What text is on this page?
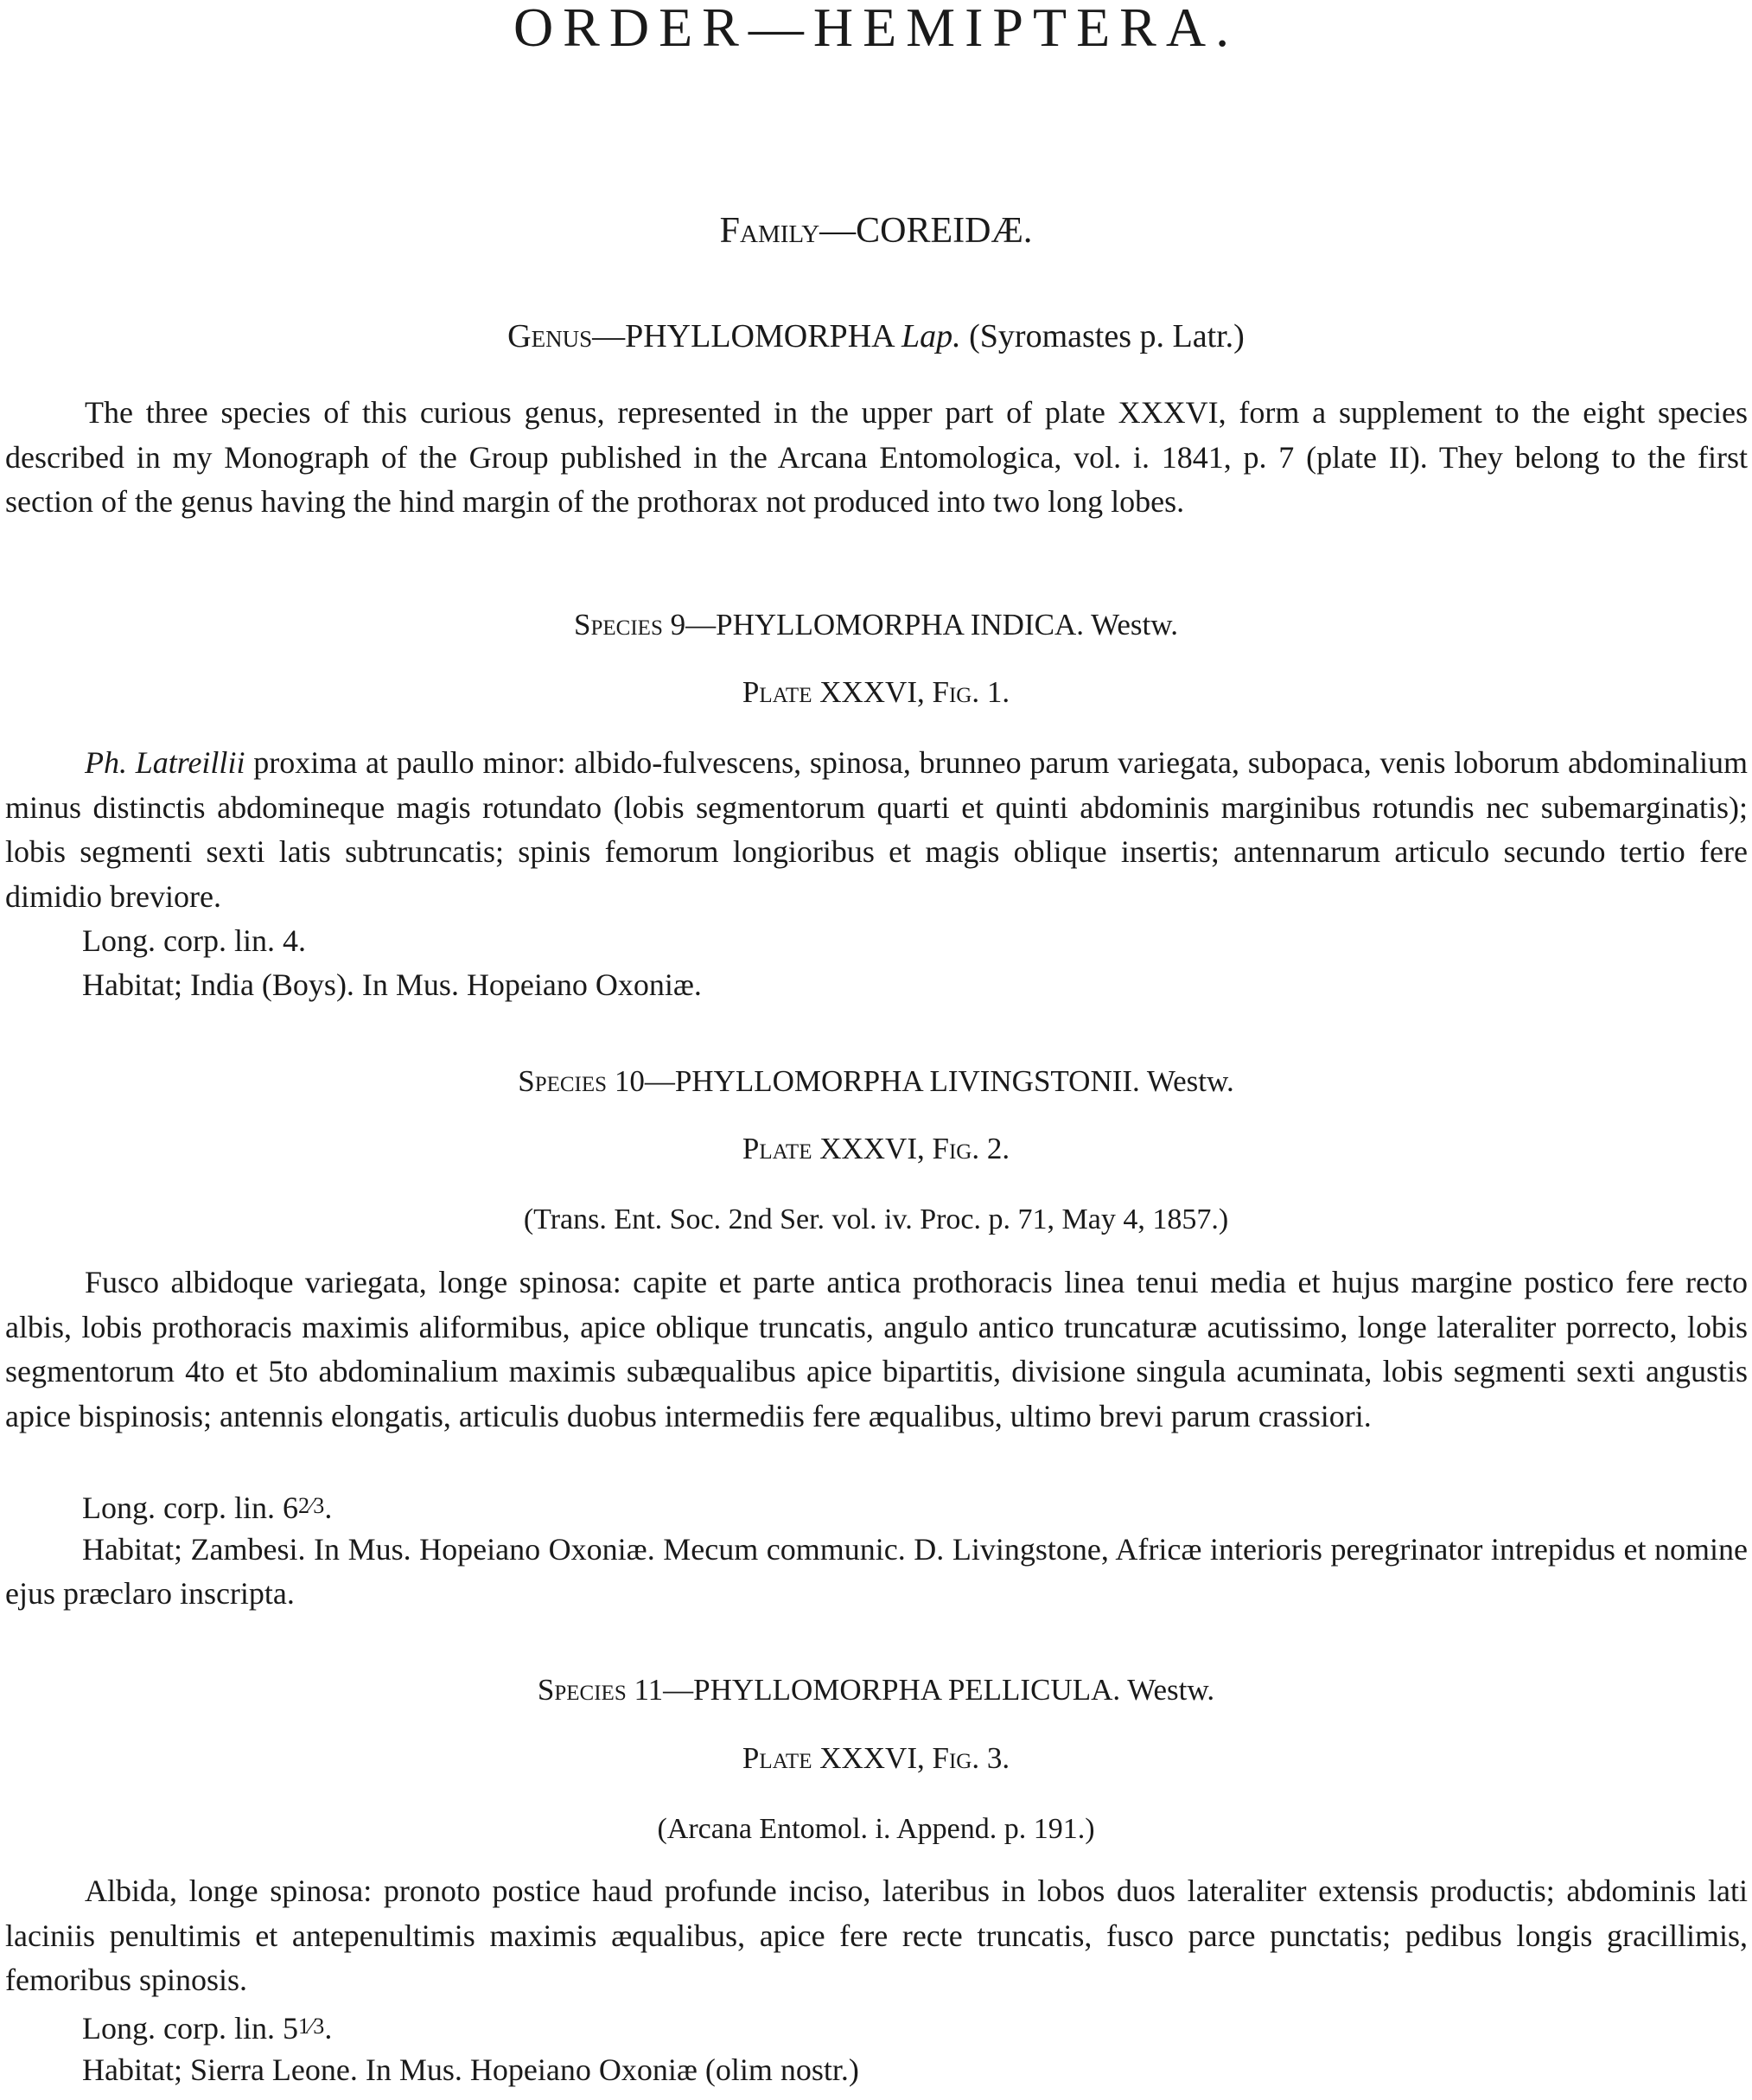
ORDER—HEMIPTERA.
Family—COREIDÆ.
Genus—PHYLLOMORPHA Lap. (Syromastes p. Latr.)

The three species of this curious genus, represented in the upper part of plate XXXVI, form a supplement to the eight species described in my Monograph of the Group published in the Arcana Entomologica, vol. i. 1841, p. 7 (plate II). They belong to the first section of the genus having the hind margin of the prothorax not produced into two long lobes.

Species 9—PHYLLOMORPHA INDICA. Westw.
Plate XXXVI, Fig. 1.

Ph. Latreillii proxima at paullo minor: albido-fulvescens, spinosa, brunneo parum variegata, subopaca, venis loborum abdominalium minus distinctis abdomineque magis rotundato (lobis segmentorum quarti et quinti abdominis marginibus rotundis nec subemarginatis); lobis segmenti sexti latis subtruncatis; spinis femorum longioribus et magis oblique insertis; antennarum articulo secundo tertio fere dimidio breviore.

Long. corp. lin. 4.

Habitat; India (Boys). In Mus. Hopeiano Oxoniæ.

Species 10—PHYLLOMORPHA LIVINGSTONII. Westw.
Plate XXXVI, Fig. 2.
(Trans. Ent. Soc. 2nd Ser. vol. iv. Proc. p. 71, May 4, 1857.)

Fusco albidoque variegata, longe spinosa: capite et parte antica prothoracis linea tenui media et hujus margine postico fere recto albis, lobis prothoracis maximis aliformibus, apice oblique truncatis, angulo antico truncaturæ acutissimo, longe lateraliter porrecto, lobis segmentorum 4to et 5to abdominalium maximis subæqualibus apice bipartitis, divisione singula acuminata, lobis segmenti sexti angustis apice bispinosis; antennis elongatis, articulis duobus intermediis fere æqualibus, ultimo brevi parum crassiori.

Long. corp. lin. 62⁄3.

Habitat; Zambesi. In Mus. Hopeiano Oxoniæ. Mecum communic. D. Livingstone, Africæ interioris peregrinator intrepidus et nomine ejus præclaro inscripta.

Species 11—PHYLLOMORPHA PELLICULA. Westw.
Plate XXXVI, Fig. 3.
(Arcana Entomol. i. Append. p. 191.)

Albida, longe spinosa: pronoto postice haud profunde inciso, lateribus in lobos duos lateraliter extensis productis; abdominis lati laciniis penultimis et antepenultimis maximis æqualibus, apice fere recte truncatis, fusco parce punctatis; pedibus longis gracillimis, femoribus spinosis.

Long. corp. lin. 51⁄3.

Habitat; Sierra Leone. In Mus. Hopeiano Oxoniæ (olim nostr.)
